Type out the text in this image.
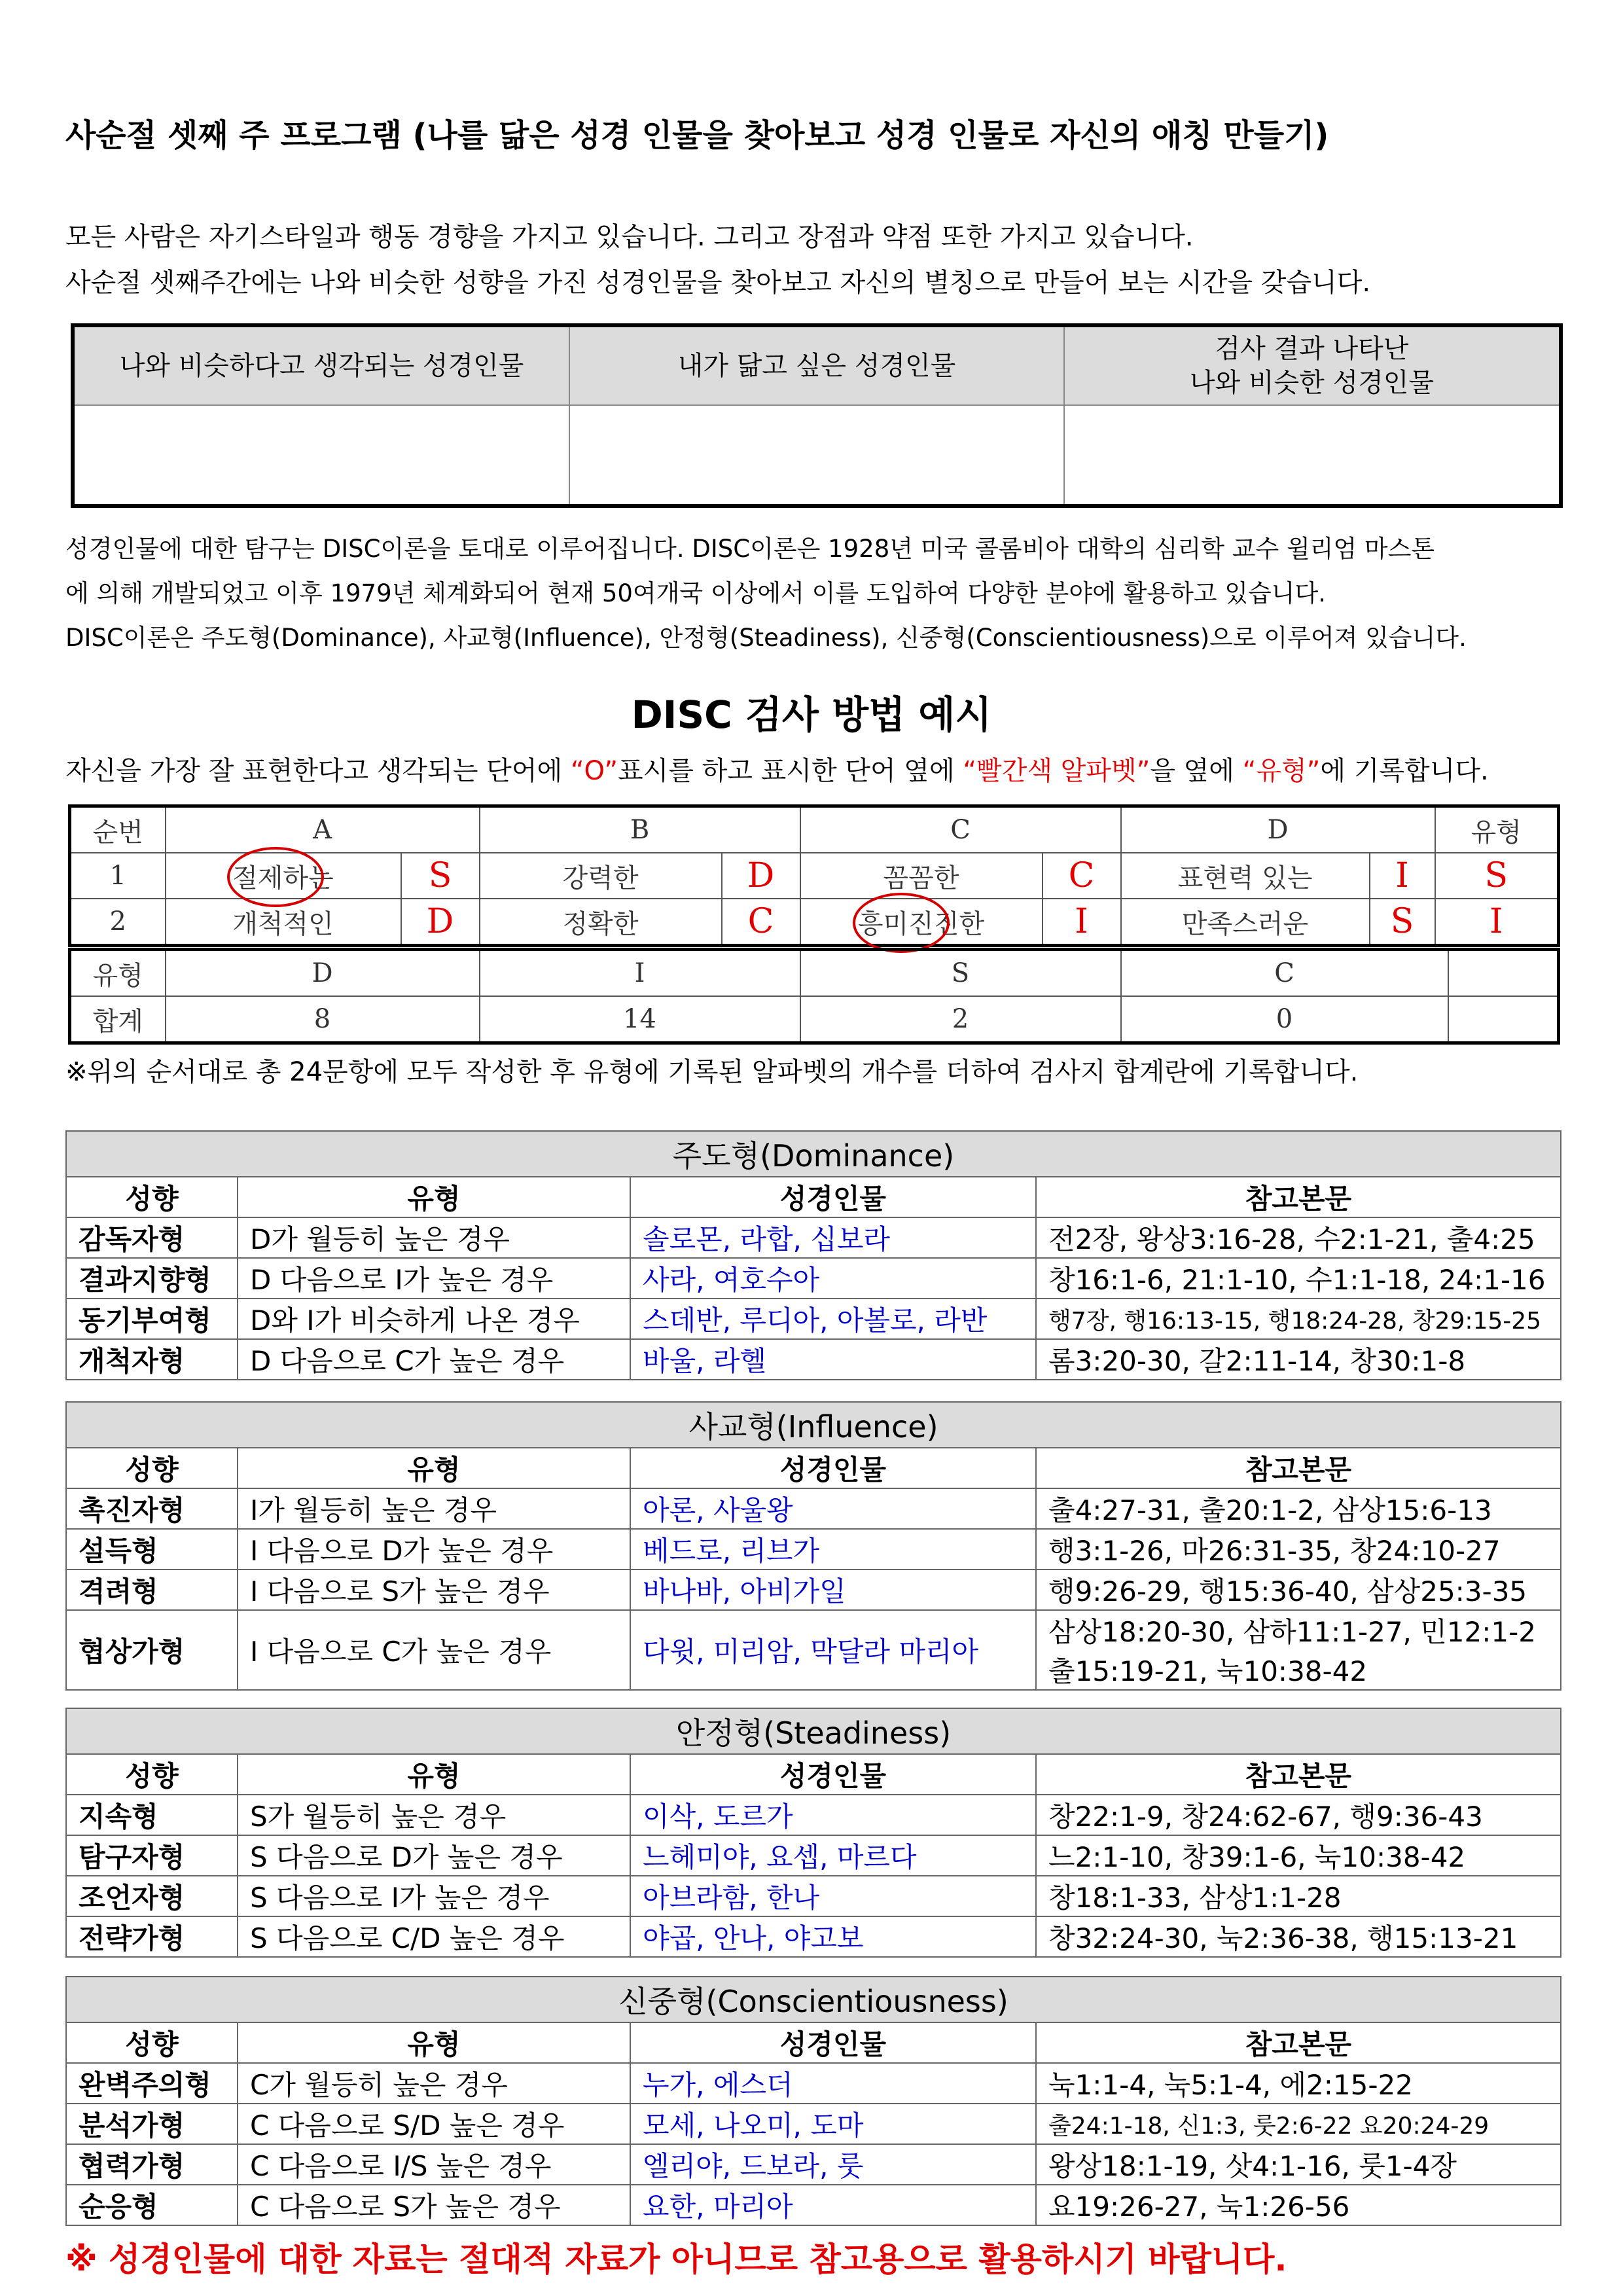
사순절 셋째 주 프로그램 (나를 닮은 성경 인물을 찾아보고 성경 인물로 자신의 애칭 만들기)
모든 사람은 자기스타일과 행동 경향을 가지고 있습니다. 그리고 장점과 약점 또한 가지고 있습니다.
사순절 셋째주간에는 나와 비슷한 성향을 가진 성경인물을 찾아보고 자신의 별칭으로 만들어 보는 시간을 갖습니다.
나와 비슷하다고 생각되는 성경인물	내가 닮고 싶은 성경인물	검사 결과 나타난
나와 비슷한 성경인물

성경인물에 대한 탐구는 DISC이론을 토대로 이루어집니다. DISC이론은 1928년 미국 콜롬비아 대학의 심리학 교수 윌리엄 마스톤
에 의해 개발되었고 이후 1979년 체계화되어 현재 50여개국 이상에서 이를 도입하여 다양한 분야에 활용하고 있습니다.
DISC이론은 주도형(Dominance), 사교형(Influence), 안정형(Steadiness), 신중형(Conscientiousness)으로 이루어져 있습니다.
DISC 검사 방법 예시
자신을 가장 잘 표현한다고 생각되는 단어에 “O”표시를 하고 표시한 단어 옆에 “빨간색 알파벳”을 옆에 “유형”에 기록합니다.
순번	A		B		C		D		유형
1	절제하는	S	강력한	D	꼼꼼한	C	표현력 있는	I	S
2	개척적인	D	정확한	C	흥미진진한	I	만족스러운	S	I
유형	D	I	S	C	
합계	8	14	2	0	
※위의 순서대로 총 24문항에 모두 작성한 후 유형에 기록된 알파벳의 개수를 더하여 검사지 합계란에 기록합니다.
주도형(Dominance)			
성향	유형	성경인물	참고본문
감독자형	D가 월등히 높은 경우	솔로몬, 라합, 십보라	전2장, 왕상3:16-28, 수2:1-21, 출4:25
결과지향형	D 다음으로 I가 높은 경우	사라, 여호수아	창16:1-6, 21:1-10, 수1:1-18, 24:1-16
동기부여형	D와 I가 비슷하게 나온 경우	스데반, 루디아, 아볼로, 라반	행7장, 행16:13-15, 행18:24-28, 창29:15-25
개척자형	D 다음으로 C가 높은 경우	바울, 라헬	롬3:20-30, 갈2:11-14, 창30:1-8
사교형(Influence)			
성향	유형	성경인물	참고본문
촉진자형	I가 월등히 높은 경우	아론, 사울왕	출4:27-31, 출20:1-2, 삼상15:6-13
설득형	I 다음으로 D가 높은 경우	베드로, 리브가	행3:1-26, 마26:31-35, 창24:10-27
격려형	I 다음으로 S가 높은 경우	바나바, 아비가일	행9:26-29, 행15:36-40, 삼상25:3-35
협상가형	I 다음으로 C가 높은 경우	다윗, 미리암, 막달라 마리아	삼상18:20-30, 삼하11:1-27, 민12:1-2
출15:19-21, 눅10:38-42
안정형(Steadiness)			
성향	유형	성경인물	참고본문
지속형	S가 월등히 높은 경우	이삭, 도르가	창22:1-9, 창24:62-67, 행9:36-43
탐구자형	S 다음으로 D가 높은 경우	느헤미야, 요셉, 마르다	느2:1-10, 창39:1-6, 눅10:38-42
조언자형	S 다음으로 I가 높은 경우	아브라함, 한나	창18:1-33, 삼상1:1-28
전략가형	S 다음으로 C/D 높은 경우	야곱, 안나, 야고보	창32:24-30, 눅2:36-38, 행15:13-21
신중형(Conscientiousness)			
성향	유형	성경인물	참고본문
완벽주의형	C가 월등히 높은 경우	누가, 에스더	눅1:1-4, 눅5:1-4, 에2:15-22
분석가형	C 다음으로 S/D 높은 경우	모세, 나오미, 도마	출24:1-18, 신1:3, 룻2:6-22 요20:24-29
협력가형	C 다음으로 I/S 높은 경우	엘리야, 드보라, 룻	왕상18:1-19, 삿4:1-16, 룻1-4장
순응형	C 다음으로 S가 높은 경우	요한, 마리아	요19:26-27, 눅1:26-56
※ 성경인물에 대한 자료는 절대적 자료가 아니므로 참고용으로 활용하시기 바랍니다.
